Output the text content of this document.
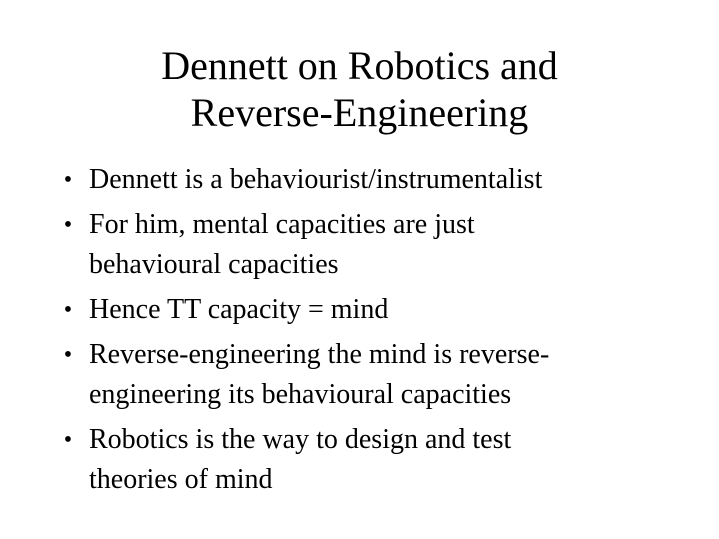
Dennett on Robotics and
Reverse-Engineering
• Dennett is a behaviourist/instrumentalist
• For him, mental capacities are just
behavioural capacities
• Hence TT capacity = mind
• Reverse-engineering the mind is reverse-
engineering its behavioural capacities
• Robotics is the way to design and test
theories of mind
